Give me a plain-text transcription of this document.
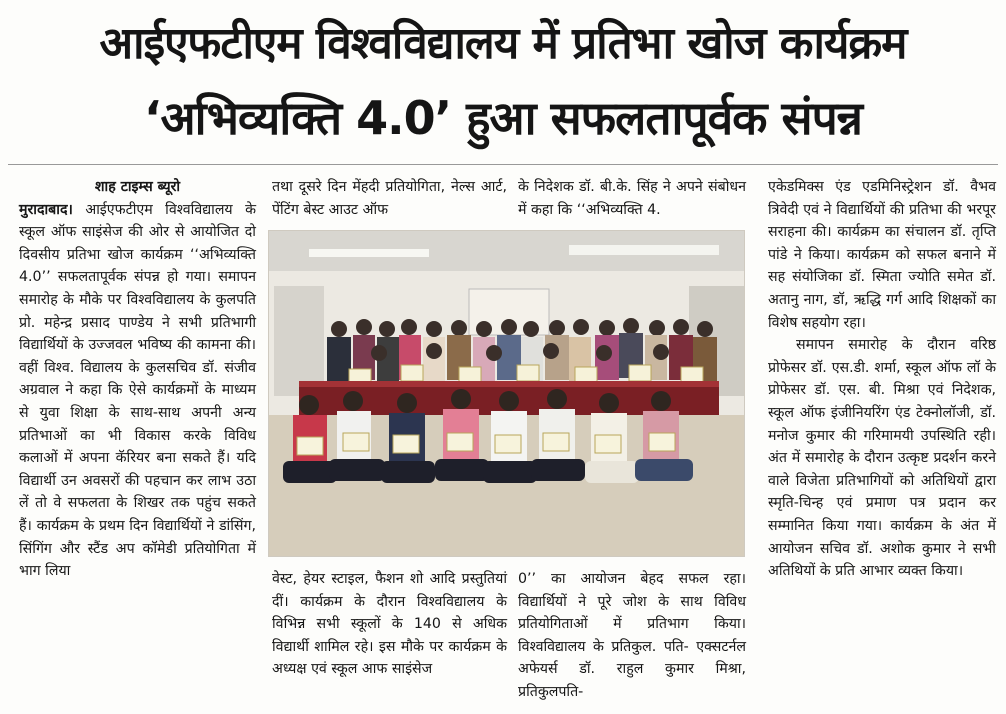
आईएफटीएम विश्वविद्यालय में प्रतिभा खोज कार्यक्रम
‘अभिव्यक्ति 4.0’ हुआ सफलतापूर्वक संपन्न
शाह टाइम्स ब्यूरो

मुरादाबाद। आईएफटीएम विश्वविद्यालय के स्कूल ऑफ साइंसेज की ओर से आयोजित दो दिवसीय प्रतिभा खोज कार्यक्रम ‘‘अभिव्यक्ति 4.0’’ सफलतापूर्वक संपन्न हो गया। समापन समारोह के मौके पर विश्वविद्यालय के कुलपति प्रो. महेन्द्र प्रसाद पाण्डेय ने सभी प्रतिभागी विद्यार्थियों के उज्जवल भविष्य की कामना की। वहीं विश्व. विद्यालय के कुलसचिव डॉ. संजीव अग्रवाल ने कहा कि ऐसे कार्यक्रमों के माध्यम से युवा शिक्षा के साथ-साथ अपनी अन्य प्रतिभाओं का भी विकास करके विविध कलाओं में अपना कॅरियर बना सकते हैं। यदि विद्यार्थी उन अवसरों की पहचान कर लाभ उठा लें तो वे सफलता के शिखर तक पहुंच सकते हैं। कार्यक्रम के प्रथम दिन विद्यार्थियों ने डांसिंग, सिंगिंग और स्टैंड अप कॉमेडी प्रतियोगिता में भाग लिया

तथा दूसरे दिन मेंहदी प्रतियोगिता, नेल्स आर्ट, पेंटिंग बेस्ट आउट ऑफ
के निदेशक डॉ. बी.के. सिंह ने अपने संबोधन में कहा कि ‘‘अभिव्यक्ति 4.
वेस्ट, हेयर स्टाइल, फैशन शो आदि प्रस्तुतियां दीं। कार्यक्रम के दौरान विश्वविद्यालय के विभिन्न सभी स्कूलों के 140 से अधिक विद्यार्थी शामिल रहे। इस मौके पर कार्यक्रम के अध्यक्ष एवं स्कूल आफ साइंसेज
0’’ का आयोजन बेहद सफल रहा। विद्यार्थियों ने पूरे जोश के साथ विविध प्रतियोगिताओं में प्रतिभाग किया। विश्वविद्यालय के प्रतिकुल. पति- एक्सटर्नल अफेयर्स डॉ. राहुल कुमार मिश्रा, प्रतिकुलपति-

एकेडमिक्स एंड एडमिनिस्ट्रेशन डॉ. वैभव त्रिवेदी एवं ने विद्यार्थियों की प्रतिभा की भरपूर सराहना की। कार्यक्रम का संचालन डॉ. तृप्ति पांडे ने किया। कार्यक्रम को सफल बनाने में सह संयोजिका डॉ. स्मिता ज्योति समेत डॉ. अतानु नाग, डॉ, ऋद्धि गर्ग आदि शिक्षकों का विशेष सहयोग रहा।

समापन समारोह के दौरान वरिष्ठ प्रोफेसर डॉ. एस.डी. शर्मा, स्कूल ऑफ लॉ के प्रोफेसर डॉ. एस. बी. मिश्रा एवं निदेशक, स्कूल ऑफ इंजीनियरिंग एंड टेक्नोलॉजी, डॉ. मनोज कुमार की गरिमामयी उपस्थिति रही। अंत में समारोह के दौरान उत्कृष्ट प्रदर्शन करने वाले विजेता प्रतिभागियों को अतिथियों द्वारा स्मृति-चिन्ह एवं प्रमाण पत्र प्रदान कर सम्मानित किया गया। कार्यक्रम के अंत में आयोजन सचिव डॉ. अशोक कुमार ने सभी अतिथियों के प्रति आभार व्यक्त किया।
